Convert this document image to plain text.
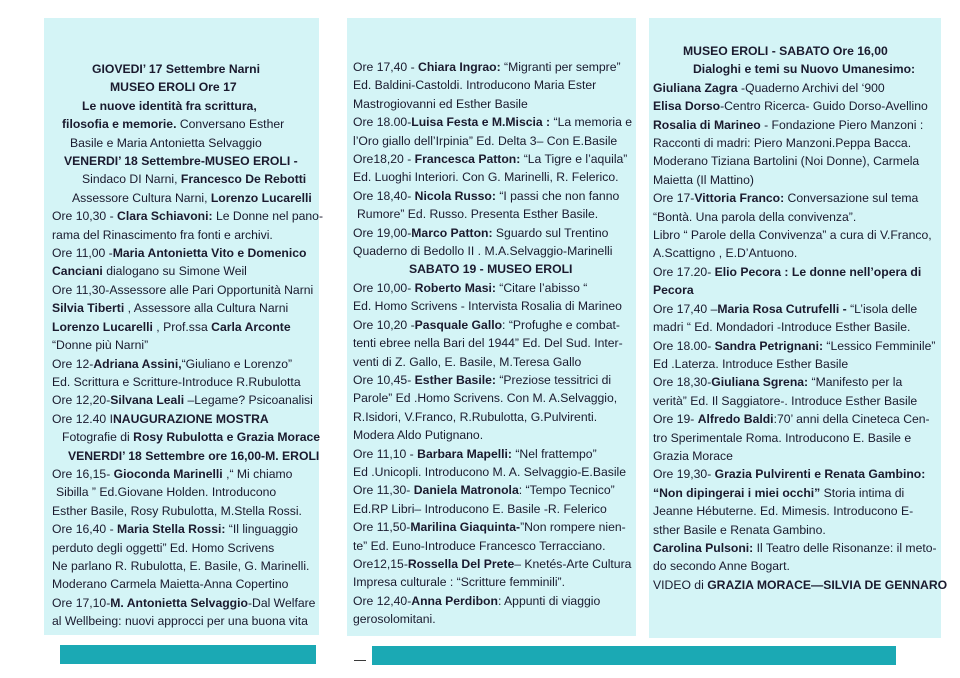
GIOVEDI’ 17 Settembre Narni
MUSEO EROLI Ore 17
Le nuove identità fra scrittura,
filosofia e memorie. Conversano Esther
Basile e Maria Antonietta Selvaggio
VENERDI’ 18 Settembre-MUSEO EROLI -
Sindaco DI Narni, Francesco De Rebotti
Assessore Cultura Narni, Lorenzo Lucarelli
Ore 10,30 - Clara Schiavoni: Le Donne nel pano-
rama del Rinascimento fra fonti e archivi.
Ore 11,00 -Maria Antonietta Vito e Domenico
Canciani dialogano su Simone Weil
Ore 11,30-Assessore alle Pari Opportunità Narni
Silvia Tiberti , Assessore alla Cultura Narni
Lorenzo Lucarelli , Prof.ssa Carla Arconte
“Donne più Narni”
Ore 12-Adriana Assini,“Giuliano e Lorenzo”
Ed. Scrittura e Scritture-Introduce R.Rubulotta
Ore 12,20-Silvana Leali –Legame? Psicoanalisi
Ore 12.40 INAUGURAZIONE MOSTRA
Fotografie di Rosy Rubulotta e Grazia Morace
VENERDI’ 18 Settembre ore 16,00-M. EROLI
Ore 16,15- Gioconda Marinelli ,“ Mi chiamo
Sibilla ” Ed.Giovane Holden. Introducono
Esther Basile, Rosy Rubulotta, M.Stella Rossi.
Ore 16,40 - Maria Stella Rossi: “Il linguaggio
perduto degli oggetti” Ed. Homo Scrivens
Ne parlano R. Rubulotta, E. Basile, G. Marinelli.
Moderano Carmela Maietta-Anna Copertino
Ore 17,10-M. Antonietta Selvaggio-Dal Welfare
al Wellbeing: nuovi approcci per una buona vita
Ore 17,40 - Chiara Ingrao: “Migranti per sempre”
Ed. Baldini-Castoldi. Introducono Maria Ester
Mastrogiovanni ed Esther Basile
Ore 18.00-Luisa Festa e M.Miscia : “La memoria e
l’Oro giallo dell’Irpinia” Ed. Delta 3– Con E.Basile
Ore18,20 - Francesca Patton: “La Tigre e l’aquila”
Ed. Luoghi Interiori. Con G. Marinelli, R. Felerico.
Ore 18,40- Nicola Russo: “I passi che non fanno
Rumore” Ed. Russo. Presenta Esther Basile.
Ore 19,00-Marco Patton: Sguardo sul Trentino
Quaderno di Bedollo II . M.A.Selvaggio-Marinelli
SABATO 19 - MUSEO EROLI
Ore 10,00- Roberto Masi: “Citare l’abisso “
Ed. Homo Scrivens - Intervista Rosalia di Marineo
Ore 10,20 -Pasquale Gallo: “Profughe e combat-
tenti ebree nella Bari del 1944” Ed. Del Sud. Inter-
venti di Z. Gallo, E. Basile, M.Teresa Gallo
Ore 10,45- Esther Basile: “Preziose tessitrici di
Parole” Ed .Homo Scrivens. Con M. A.Selvaggio,
R.Isidori, V.Franco, R.Rubulotta, G.Pulvirenti.
Modera Aldo Putignano.
Ore 11,10 - Barbara Mapelli: “Nel frattempo”
Ed .Unicopli. Introducono M. A. Selvaggio-E.Basile
Ore 11,30- Daniela Matronola: “Tempo Tecnico”
Ed.RP Libri– Introducono E. Basile -R. Felerico
Ore 11,50-Marilina Giaquinta-”Non rompere nien-
te” Ed. Euno-Introduce Francesco Terracciano.
Ore12,15-Rossella Del Prete– Knetés-Arte Cultura
Impresa culturale : “Scritture femminili”.
Ore 12,40-Anna Perdibon: Appunti di viaggio
gerosolomitani.
MUSEO EROLI - SABATO Ore 16,00
Dialoghi e temi su Nuovo Umanesimo:
Giuliana Zagra -Quaderno Archivi del ‘900
Elisa Dorso-Centro Ricerca- Guido Dorso-Avellino
Rosalia di Marineo - Fondazione Piero Manzoni :
Racconti di madri: Piero Manzoni.Peppa Bacca.
Moderano Tiziana Bartolini (Noi Donne), Carmela
Maietta (Il Mattino)
Ore 17-Vittoria Franco: Conversazione sul tema
“Bontà. Una parola della convivenza”.
Libro “ Parole della Convivenza” a cura di V.Franco,
A.Scattigno , E.D’Antuono.
Ore 17.20- Elio Pecora : Le donne nell’opera di
Pecora
Ore 17,40 –Maria Rosa Cutrufelli - “L’isola delle
madri “ Ed. Mondadori -Introduce Esther Basile.
Ore 18.00- Sandra Petrignani: “Lessico Femminile”
Ed .Laterza. Introduce Esther Basile
Ore 18,30-Giuliana Sgrena: “Manifesto per la
verità” Ed. Il Saggiatore-. Introduce Esther Basile
Ore 19- Alfredo Baldi:70’ anni della Cineteca Cen-
tro Sperimentale Roma. Introducono E. Basile e
Grazia Morace
Ore 19,30- Grazia Pulvirenti e Renata Gambino:
“Non dipingerai i miei occhi” Storia intima di
Jeanne Hébuterne. Ed. Mimesis. Introducono E-
sther Basile e Renata Gambino.
Carolina Pulsoni: Il Teatro delle Risonanze: il meto-
do secondo Anne Bogart.
VIDEO di GRAZIA MORACE—SILVIA DE GENNARO
